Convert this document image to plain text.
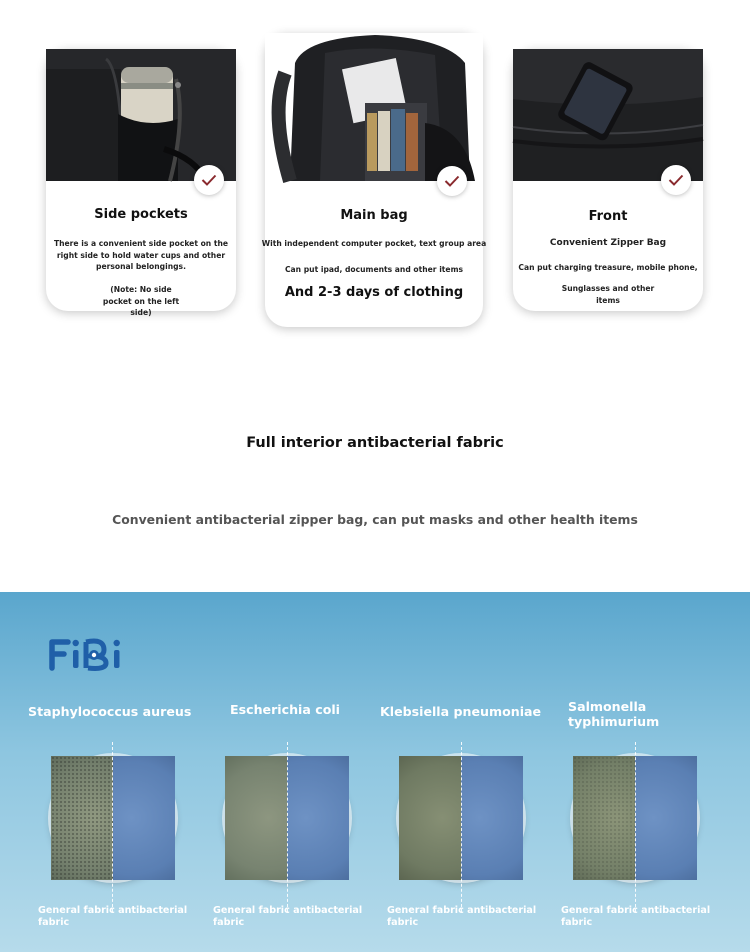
Side pockets
There is a convenient side pocket on the right side to hold water cups and other personal belongings.
(Note: No side pocket on the left side)
Main bag
With independent computer pocket, text group area
Can put ipad, documents and other items
And 2-3 days of clothing
Front
Convenient Zipper Bag
Can put charging treasure, mobile phone,
Sunglasses and other items
Full interior antibacterial fabric
Convenient antibacterial zipper bag, can put masks and other health items
Staphylococcus aureus	Escherichia coli	Klebsiella pneumoniae	Salmonella typhimurium
General fabric antibacterial fabric
General fabric antibacterial fabric
General fabric antibacterial fabric
General fabric antibacterial fabric
